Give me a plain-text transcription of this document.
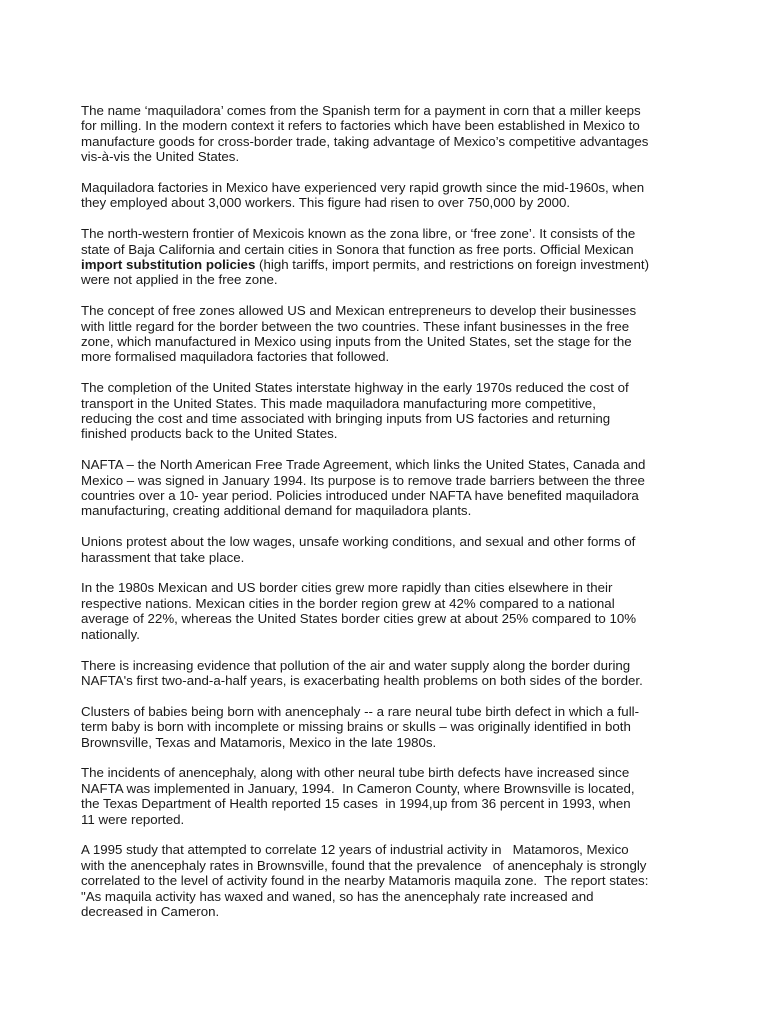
The name ‘maquiladora’ comes from the Spanish term for a payment in corn that a miller keeps
for milling. In the modern context it refers to factories which have been established in Mexico to
manufacture goods for cross-border trade, taking advantage of Mexico’s competitive advantages
vis-à-vis the United States.

Maquiladora factories in Mexico have experienced very rapid growth since the mid-1960s, when
they employed about 3,000 workers. This figure had risen to over 750,000 by 2000.

The north-western frontier of Mexicois known as the zona libre, or ‘free zone’. It consists of the
state of Baja California and certain cities in Sonora that function as free ports. Official Mexican
import substitution policies (high tariffs, import permits, and restrictions on foreign investment)
were not applied in the free zone.

The concept of free zones allowed US and Mexican entrepreneurs to develop their businesses
with little regard for the border between the two countries. These infant businesses in the free
zone, which manufactured in Mexico using inputs from the United States, set the stage for the
more formalised maquiladora factories that followed.

The completion of the United States interstate highway in the early 1970s reduced the cost of
transport in the United States. This made maquiladora manufacturing more competitive,
reducing the cost and time associated with bringing inputs from US factories and returning
finished products back to the United States.

NAFTA – the North American Free Trade Agreement, which links the United States, Canada and
Mexico – was signed in January 1994. Its purpose is to remove trade barriers between the three
countries over a 10- year period. Policies introduced under NAFTA have benefited maquiladora
manufacturing, creating additional demand for maquiladora plants.

Unions protest about the low wages, unsafe working conditions, and sexual and other forms of
harassment that take place.

In the 1980s Mexican and US border cities grew more rapidly than cities elsewhere in their
respective nations. Mexican cities in the border region grew at 42% compared to a national
average of 22%, whereas the United States border cities grew at about 25% compared to 10%
nationally.

There is increasing evidence that pollution of the air and water supply along the border during
NAFTA's first two-and-a-half years, is exacerbating health problems on both sides of the border.

Clusters of babies being born with anencephaly -- a rare neural tube birth defect in which a full-
term baby is born with incomplete or missing brains or skulls – was originally identified in both
Brownsville, Texas and Matamoris, Mexico in the late 1980s.

The incidents of anencephaly, along with other neural tube birth defects have increased since
NAFTA was implemented in January, 1994.  In Cameron County, where Brownsville is located,
the Texas Department of Health reported 15 cases  in 1994,up from 36 percent in 1993, when
11 were reported.

A 1995 study that attempted to correlate 12 years of industrial activity in   Matamoros, Mexico
with the anencephaly rates in Brownsville, found that the prevalence   of anencephaly is strongly
correlated to the level of activity found in the nearby Matamoris maquila zone.  The report states:
"As maquila activity has waxed and waned, so has the anencephaly rate increased and
decreased in Cameron.
